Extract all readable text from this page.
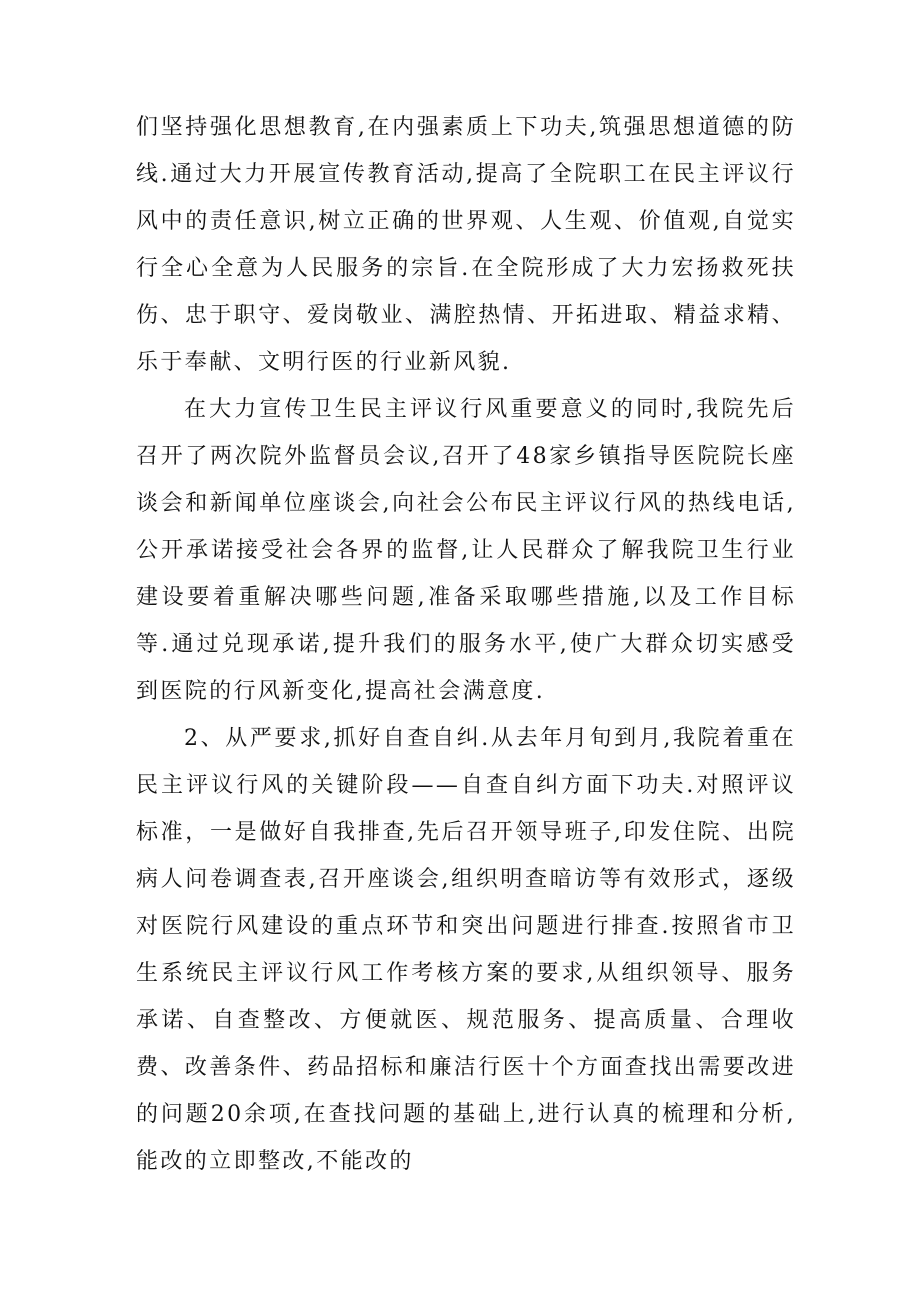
们坚持强化思想教育,在内强素质上下功夫,筑强思想道德的防线.通过大力开展宣传教育活动,提高了全院职工在民主评议行风中的责任意识,树立正确的世界观、人生观、价值观,自觉实行全心全意为人民服务的宗旨.在全院形成了大力宏扬救死扶伤、忠于职守、爱岗敬业、满腔热情、开拓进取、精益求精、乐于奉献、文明行医的行业新风貌.

在大力宣传卫生民主评议行风重要意义的同时,我院先后召开了两次院外监督员会议,召开了48家乡镇指导医院院长座谈会和新闻单位座谈会,向社会公布民主评议行风的热线电话,公开承诺接受社会各界的监督,让人民群众了解我院卫生行业建设要着重解决哪些问题,准备采取哪些措施,以及工作目标等.通过兑现承诺,提升我们的服务水平,使广大群众切实感受到医院的行风新变化,提高社会满意度.

2、从严要求,抓好自查自纠.从去年月旬到月,我院着重在民主评议行风的关键阶段——自查自纠方面下功夫.对照评议标准，一是做好自我排查,先后召开领导班子,印发住院、出院病人问卷调查表,召开座谈会,组织明查暗访等有效形式，逐级对医院行风建设的重点环节和突出问题进行排查.按照省市卫生系统民主评议行风工作考核方案的要求,从组织领导、服务承诺、自查整改、方便就医、规范服务、提高质量、合理收费、改善条件、药品招标和廉洁行医十个方面查找出需要改进的问题20余项,在查找问题的基础上,进行认真的梳理和分析,能改的立即整改,不能改的
